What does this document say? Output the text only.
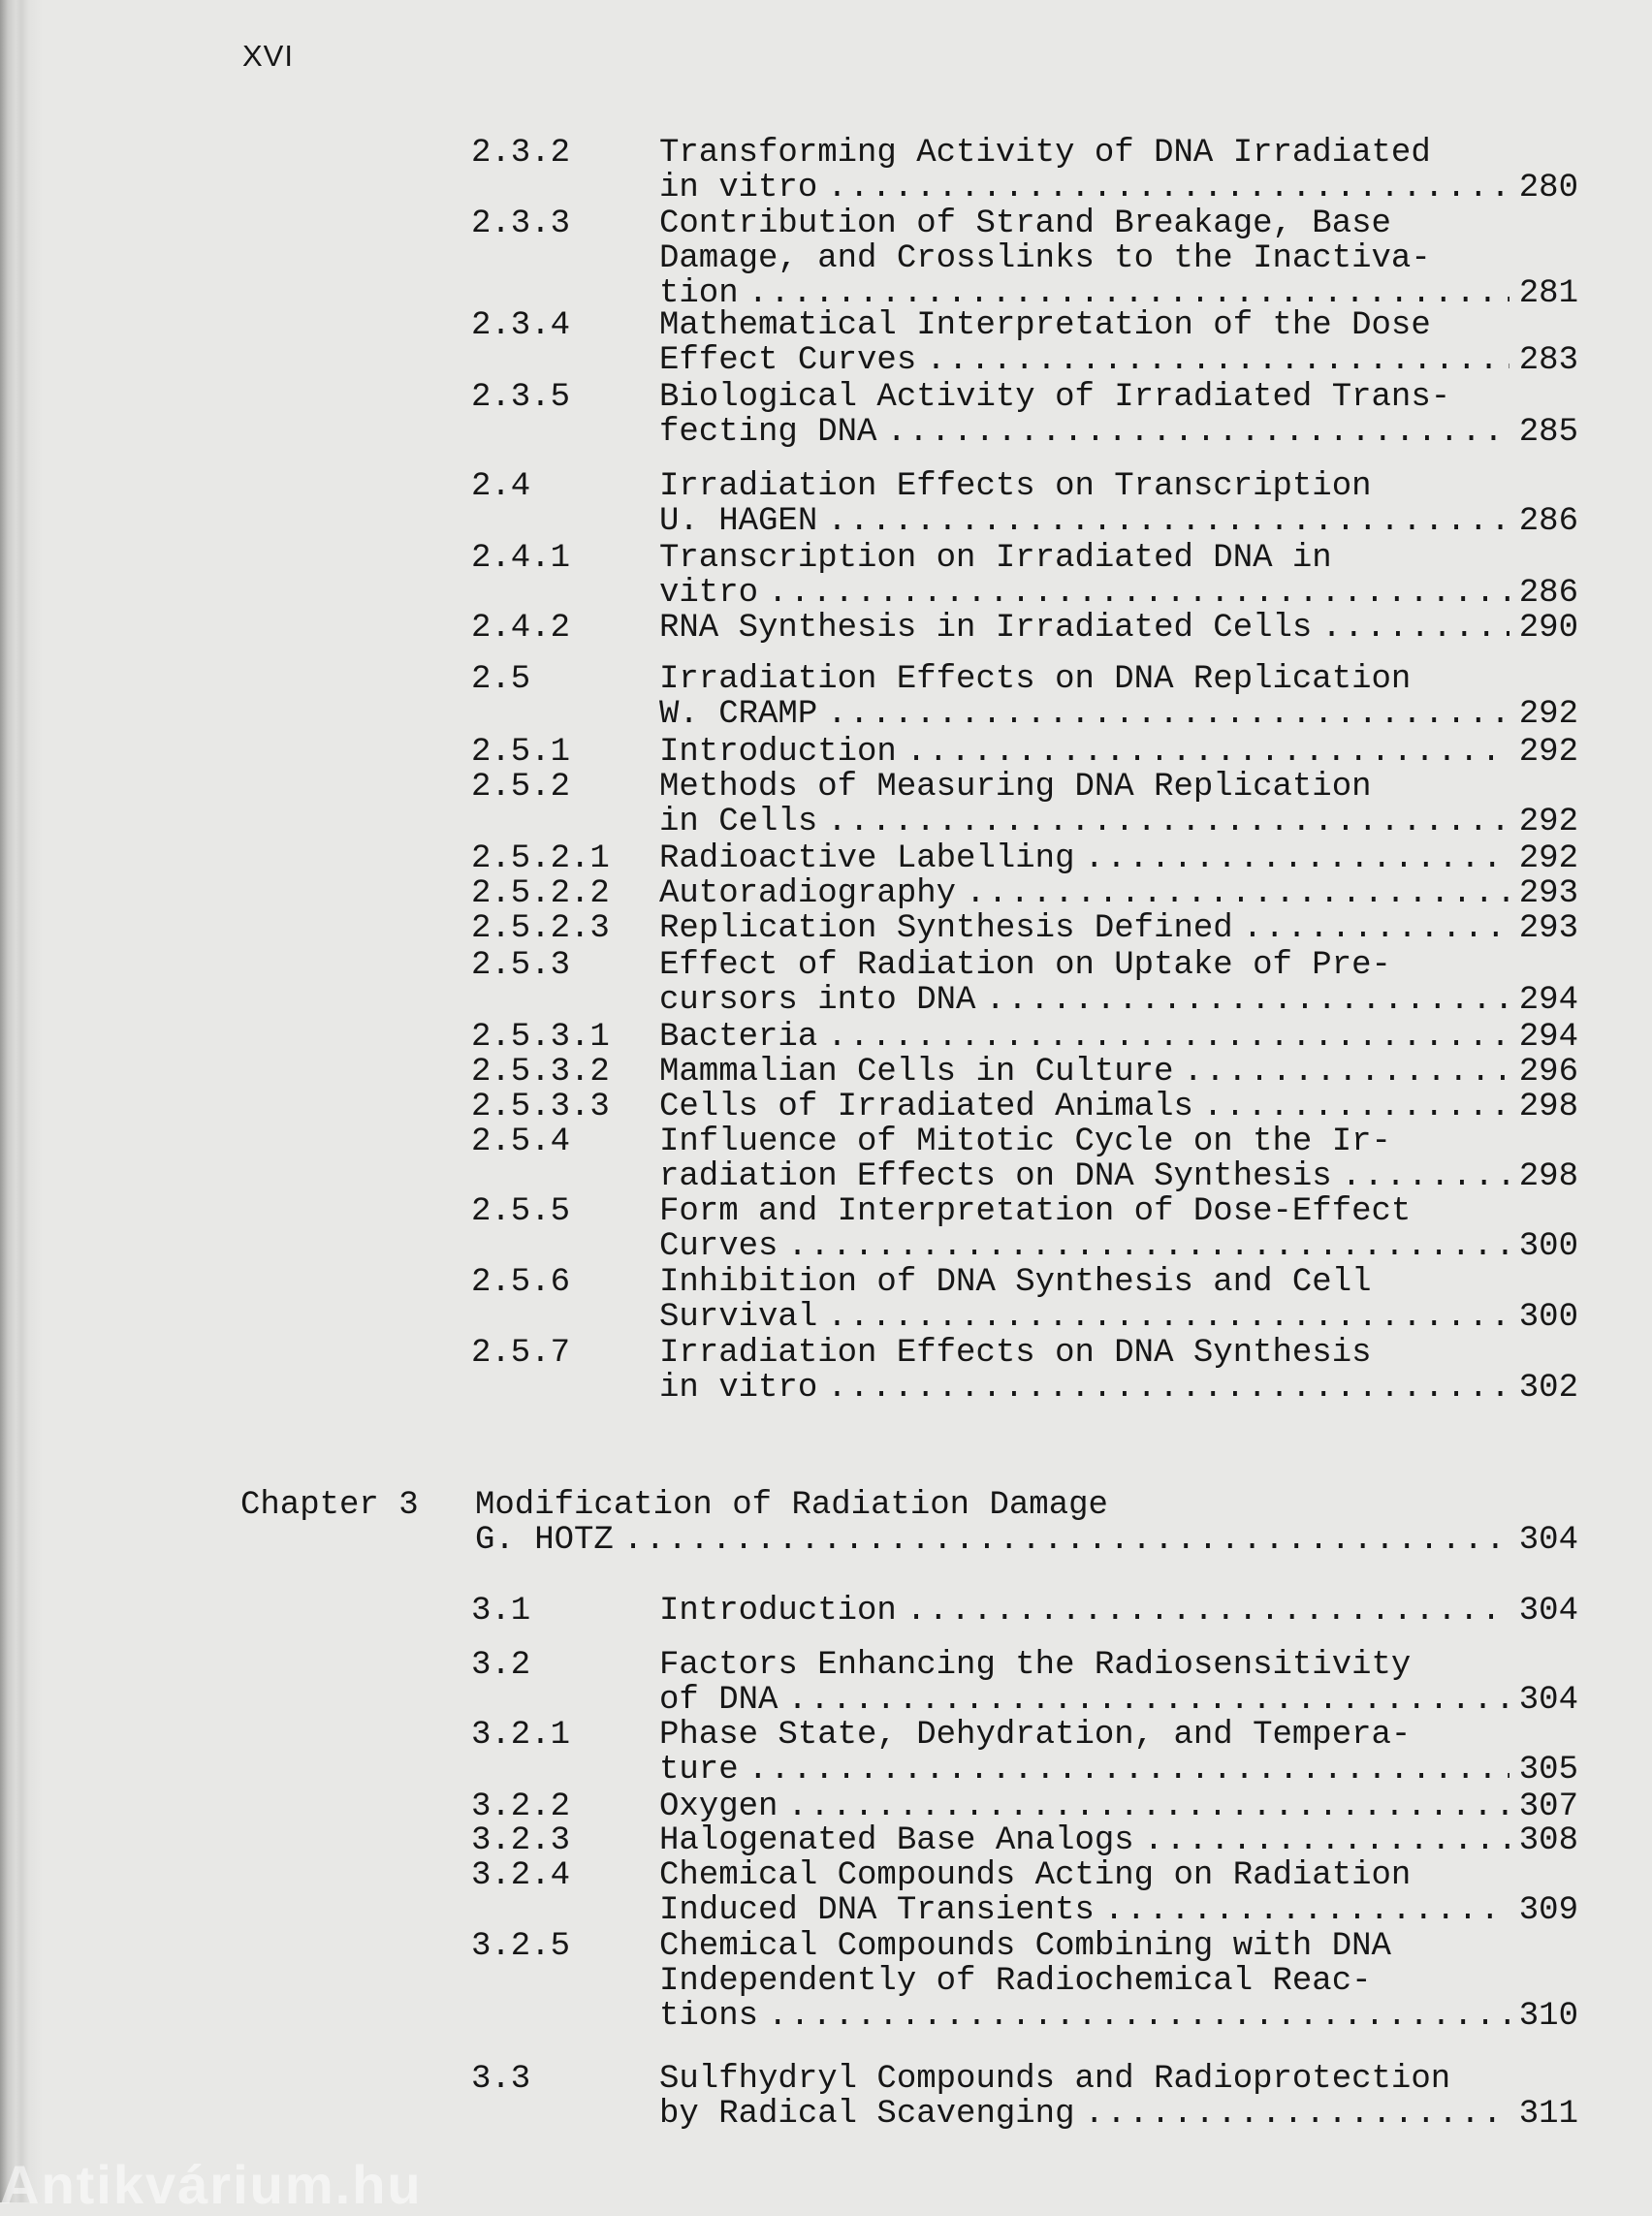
XVI
2.3.2	Transforming Activity of DNA Irradiated
in vitro . . .	280
2.3.3	Contribution of Strand Breakage, Base
Damage, and Crosslinks to the Inactiva-
tion . . .	281
2.3.4	Mathematical Interpretation of the Dose
Effect Curves . . .	283
2.3.5	Biological Activity of Irradiated Trans-
fecting DNA . . .	285
2.4	Irradiation Effects on Transcription
U. HAGEN . . .	286
2.4.1	Transcription on Irradiated DNA in
vitro . . .	286
2.4.2	RNA Synthesis in Irradiated Cells . . .	290
2.5	Irradiation Effects on DNA Replication
W. CRAMP . . .	292
2.5.1	Introduction . . .	292
2.5.2	Methods of Measuring DNA Replication
in Cells . . .	292
2.5.2.1 Radioactive Labelling . . .	292
2.5.2.2 Autoradiography . . .	293
2.5.2.3 Replication Synthesis Defined . . .	293
2.5.3	Effect of Radiation on Uptake of Pre-
cursors into DNA . . .	294
2.5.3.1 Bacteria . . .	294
2.5.3.2 Mammalian Cells in Culture . . .	296
2.5.3.3 Cells of Irradiated Animals . . .	298
2.5.4	Influence of Mitotic Cycle on the Ir-
radiation Effects on DNA Synthesis . . .	298
2.5.5	Form and Interpretation of Dose-Effect
Curves . . .	300
2.5.6	Inhibition of DNA Synthesis and Cell
Survival . . .	300
2.5.7	Irradiation Effects on DNA Synthesis
in vitro . . .	302
Chapter 3 Modification of Radiation Damage
G. HOTZ . . .	304
3.1	Introduction . . .	304
3.2	Factors Enhancing the Radiosensitivity
of DNA . . .	304
3.2.1	Phase State, Dehydration, and Tempera-
ture . . .	305
3.2.2	Oxygen . . .	307
3.2.3	Halogenated Base Analogs . . .	308
3.2.4	Chemical Compounds Acting on Radiation
Induced DNA Transients . . .	309
3.2.5	Chemical Compounds Combining with DNA
Independently of Radiochemical Reac-
tions . . .	310
3.3	Sulfhydryl Compounds and Radioprotection
by Radical Scavenging . . .	311
Antikvárium.hu
